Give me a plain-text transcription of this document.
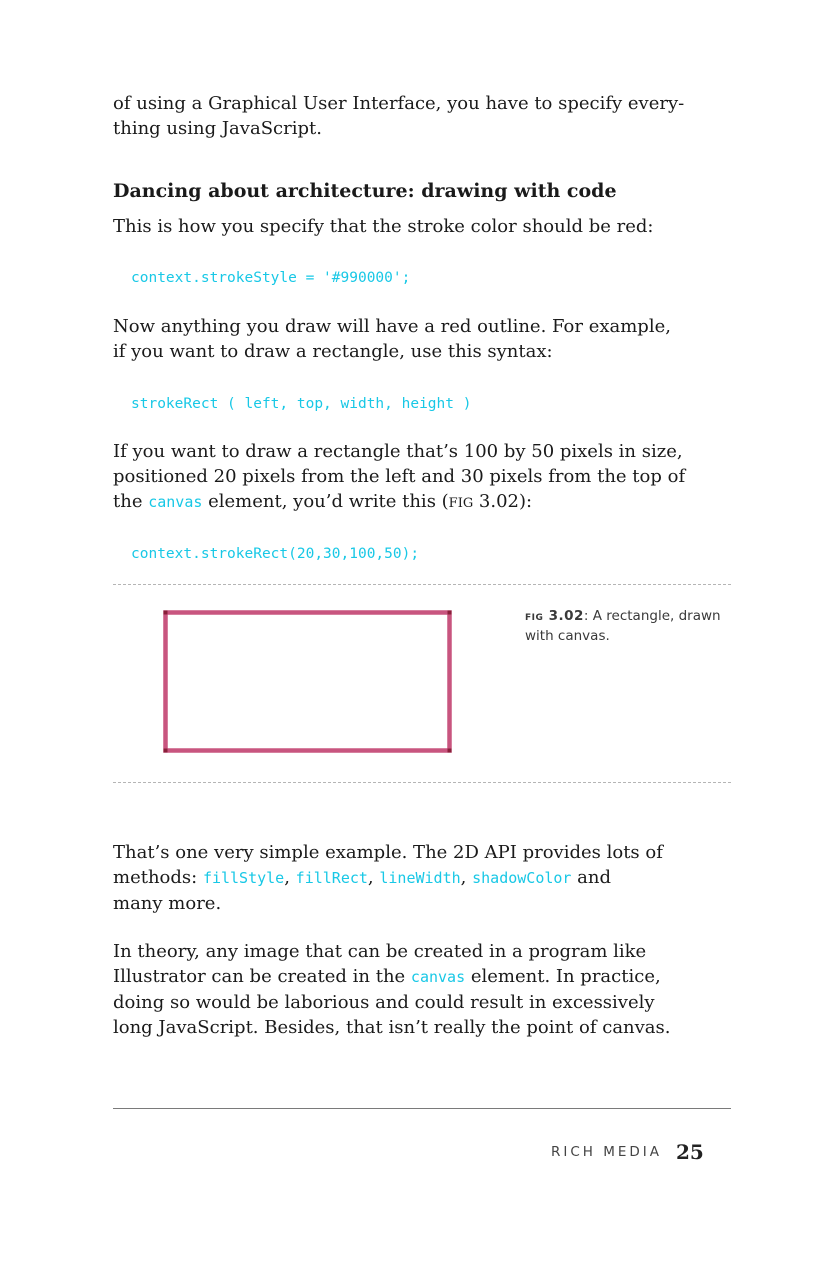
of using a Graphical User Interface, you have to specify every-
thing using JavaScript.
Dancing about architecture: drawing with code
This is how you specify that the stroke color should be red:
context.strokeStyle = '#990000';
Now anything you draw will have a red outline. For example,
if you want to draw a rectangle, use this syntax:
strokeRect ( left, top, width, height )
If you want to draw a rectangle that’s 100 by 50 pixels in size,
positioned 20 pixels from the left and 30 pixels from the top of
the canvas element, you’d write this (fig 3.02):
context.strokeRect(20,30,100,50);
fig 3.02: A rectangle, drawn
with canvas.
That’s one very simple example. The 2D API provides lots of
methods: fillStyle, fillRect, lineWidth, shadowColor and
many more.
In theory, any image that can be created in a program like
Illustrator can be created in the canvas element. In practice,
doing so would be laborious and could result in excessively
long JavaScript. Besides, that isn’t really the point of canvas.
RICH MEDIA 25
